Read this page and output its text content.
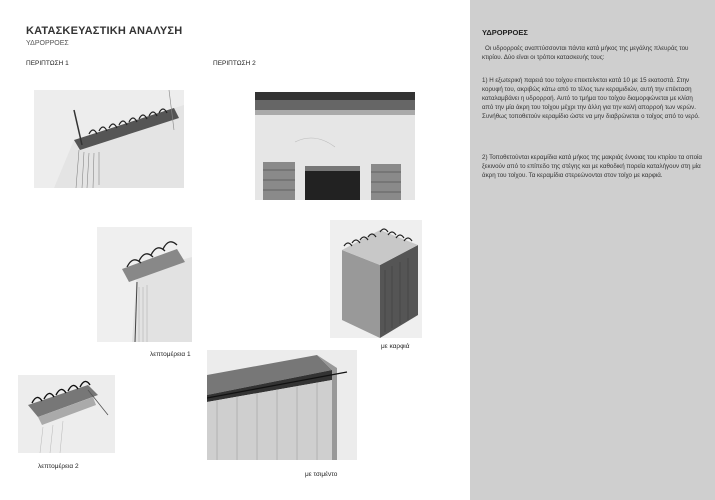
ΚΑΤΑΣΚΕΥΑΣΤΙΚΗ ΑΝΑΛΥΣΗ
ΥΔΡΟΡΡΟΕΣ
ΠΕΡΙΠΤΩΣΗ 1	ΠΕΡΙΠΤΩΣΗ 2
λεπτομέρεια 1
με καρφιά
λεπτομέρεια 2
με τσιμέντο
ΥΔΡΟΡΡΟΕΣ
Οι υδρορροές αναπτύσσονται πάντα κατά μήκος της μεγάλης πλευράς του κτιρίου. Δύο είναι οι τρόποι κατασκευής τους:
1) Η εξωτερική παρειά του τοίχου επεκτείνεται κατά 10 με 15 εκατοστά. Στην κορυφή του, ακριβώς κάτω από το τέλος των κεραμιδιών, αυτή την επέκταση καταλαμβάνει η υδρορροή. Αυτό το τμήμα του τοίχου διαμορφώνεται με κλίση από την μία άκρη του τοίχου μέχρι την άλλη για την καλή απορροή των νερών. Συνήθως τοποθετούν κεραμίδιο ώστε να μην διαβρώνεται ο τοίχος από το νερό.
2) Τοποθετούνται κεραμίδια κατά μήκος της μακριάς έννοιας του κτιρίου τα οποία ξεκινούν από το επίπεδο της στέγης και με καθοδική πορεία καταλήγουν στη μία άκρη του τοίχου. Τα κεραμίδια στερεώνονται στον τοίχο με καρφιά.
